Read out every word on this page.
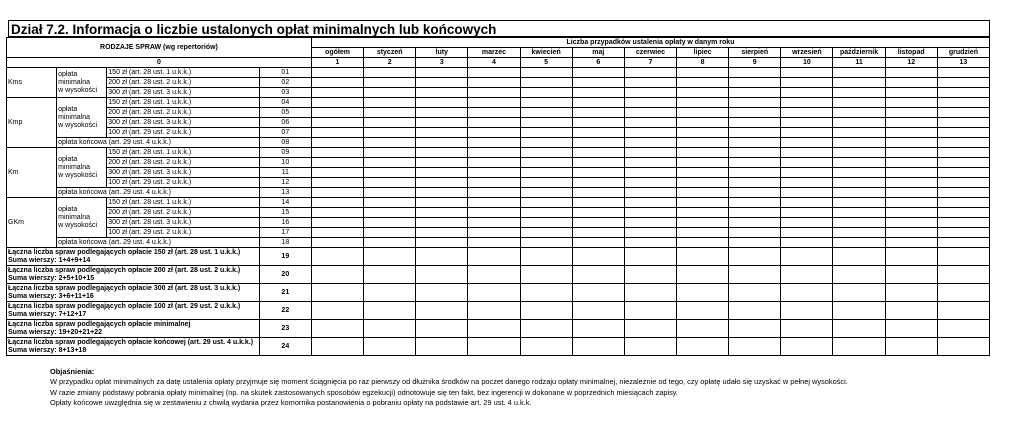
Dział 7.2. Informacja o liczbie ustalonych opłat minimalnych lub końcowych
RODZAJE SPRAW (wg repertoriów)				Liczba przypadków ustalenia opłaty w danym roku												
				ogółem	styczeń	luty	marzec	kwiecień	maj	czerwiec	lipiec	sierpień	wrzesień	październik	listopad	grudzień
0				1	2	3	4	5	6	7	8	9	10	11	12	13
Kms	opłata
minimalna
w wysokości	150 zł (art. 28 ust. 1 u.k.k.)	01													
		200 zł (art. 28 ust. 2 u.k.k.)	02													
		300 zł (art. 28 ust. 3 u.k.k.)	03													
Kmp	opłata
minimalna
w wysokości	150 zł (art. 28 ust. 1 u.k.k.)	04													
		200 zł (art. 28 ust. 2 u.k.k.)	05													
		300 zł (art. 28 ust. 3 u.k.k.)	06													
		100 zł (art. 29 ust. 2 u.k.k.)	07													
	opłata końcowa (art. 29 ust. 4 u.k.k.)		08													
Km	opłata
minimalna
w wysokości	150 zł (art. 28 ust. 1 u.k.k.)	09													
		200 zł (art. 28 ust. 2 u.k.k.)	10													
		300 zł (art. 28 ust. 3 u.k.k.)	11													
		100 zł (art. 29 ust. 2 u.k.k.)	12													
	opłata końcowa (art. 29 ust. 4 u.k.k.)		13													
GKm	opłata
minimalna
w wysokości	150 zł (art. 28 ust. 1 u.k.k.)	14													
		200 zł (art. 28 ust. 2 u.k.k.)	15													
		300 zł (art. 28 ust. 3 u.k.k.)	16													
		100 zł (art. 29 ust. 2 u.k.k.)	17													
	opłata końcowa (art. 29 ust. 4 u.k.k.)		18													

Łączna liczba spraw podlegających opłacie 150 zł (art. 28 ust. 1 u.k.k.)
Suma wierszy: 1+4+9+14			19													

Łączna liczba spraw podlegających opłacie 200 zł (art. 28 ust. 2 u.k.k.)
Suma wierszy: 2+5+10+15			20													

Łączna liczba spraw podlegających opłacie 300 zł (art. 28 ust. 3 u.k.k.)
Suma wierszy: 3+6+11+16			21													

Łączna liczba spraw podlegających opłacie 100 zł (art. 29 ust. 2 u.k.k.)
Suma wierszy: 7+12+17			22													

Łączna liczba spraw podlegających opłacie minimalnej
Suma wierszy: 19+20+21+22			23													

Łączna liczba spraw podlegających opłacie końcowej (art. 29 ust. 4 u.k.k.)
Suma wierszy: 8+13+18			24													
Objaśnienia:
W przypadku opłat minimalnych za datę ustalenia opłaty przyjmuje się moment ściągnięcia po raz pierwszy od dłużnika środków na poczet danego rodzaju opłaty minimalnej, niezależnie od tego, czy opłatę udało się uzyskać w pełnej wysokości.
W razie zmiany podstawy pobrania opłaty minimalnej (np. na skutek zastosowanych sposobów egzekucji) odnotowuje się ten fakt, bez ingerencji w dokonane w poprzednich miesiącach zapisy.
Opłaty końcowe uwzględnia się w zestawieniu z chwilą wydania przez komornika postanowienia o pobraniu opłaty na podstawie art. 29 ust. 4 u.k.k.
